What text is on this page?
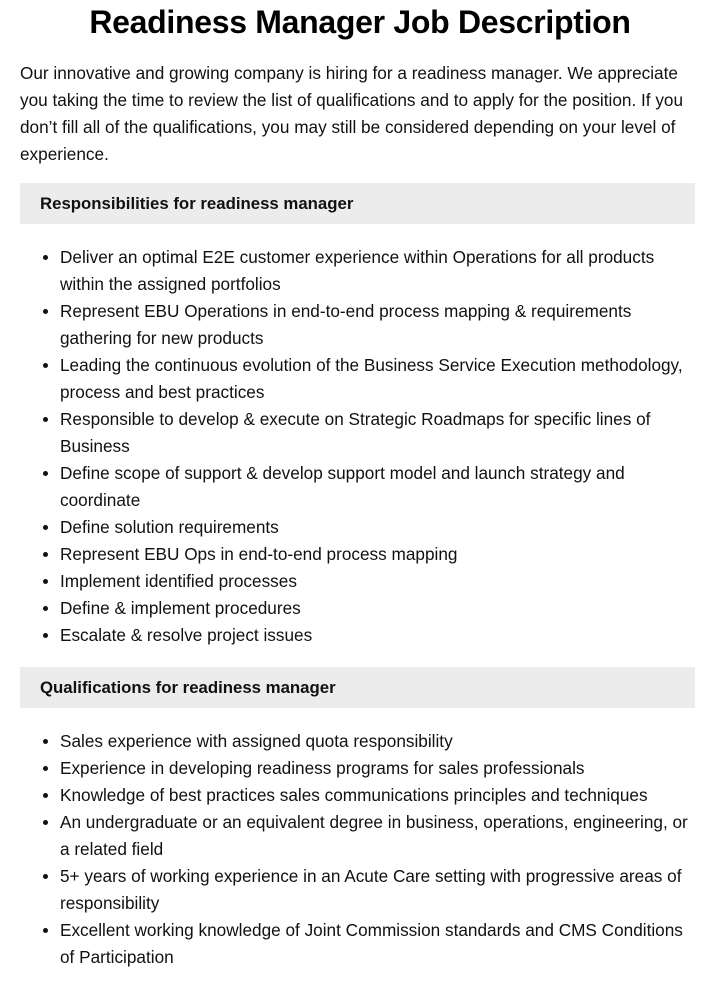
Readiness Manager Job Description

Our innovative and growing company is hiring for a readiness manager. We appreciate you taking the time to review the list of qualifications and to apply for the position. If you don’t fill all of the qualifications, you may still be considered depending on your level of experience.

Responsibilities for readiness manager
Deliver an optimal E2E customer experience within Operations for all products within the assigned portfolios
Represent EBU Operations in end-to-end process mapping & requirements gathering for new products
Leading the continuous evolution of the Business Service Execution methodology, process and best practices
Responsible to develop & execute on Strategic Roadmaps for specific lines of Business
Define scope of support & develop support model and launch strategy and coordinate
Define solution requirements
Represent EBU Ops in end-to-end process mapping
Implement identified processes
Define & implement procedures
Escalate & resolve project issues
Qualifications for readiness manager
Sales experience with assigned quota responsibility
Experience in developing readiness programs for sales professionals
Knowledge of best practices sales communications principles and techniques
An undergraduate or an equivalent degree in business, operations, engineering, or a related field
5+ years of working experience in an Acute Care setting with progressive areas of responsibility
Excellent working knowledge of Joint Commission standards and CMS Conditions of Participation
